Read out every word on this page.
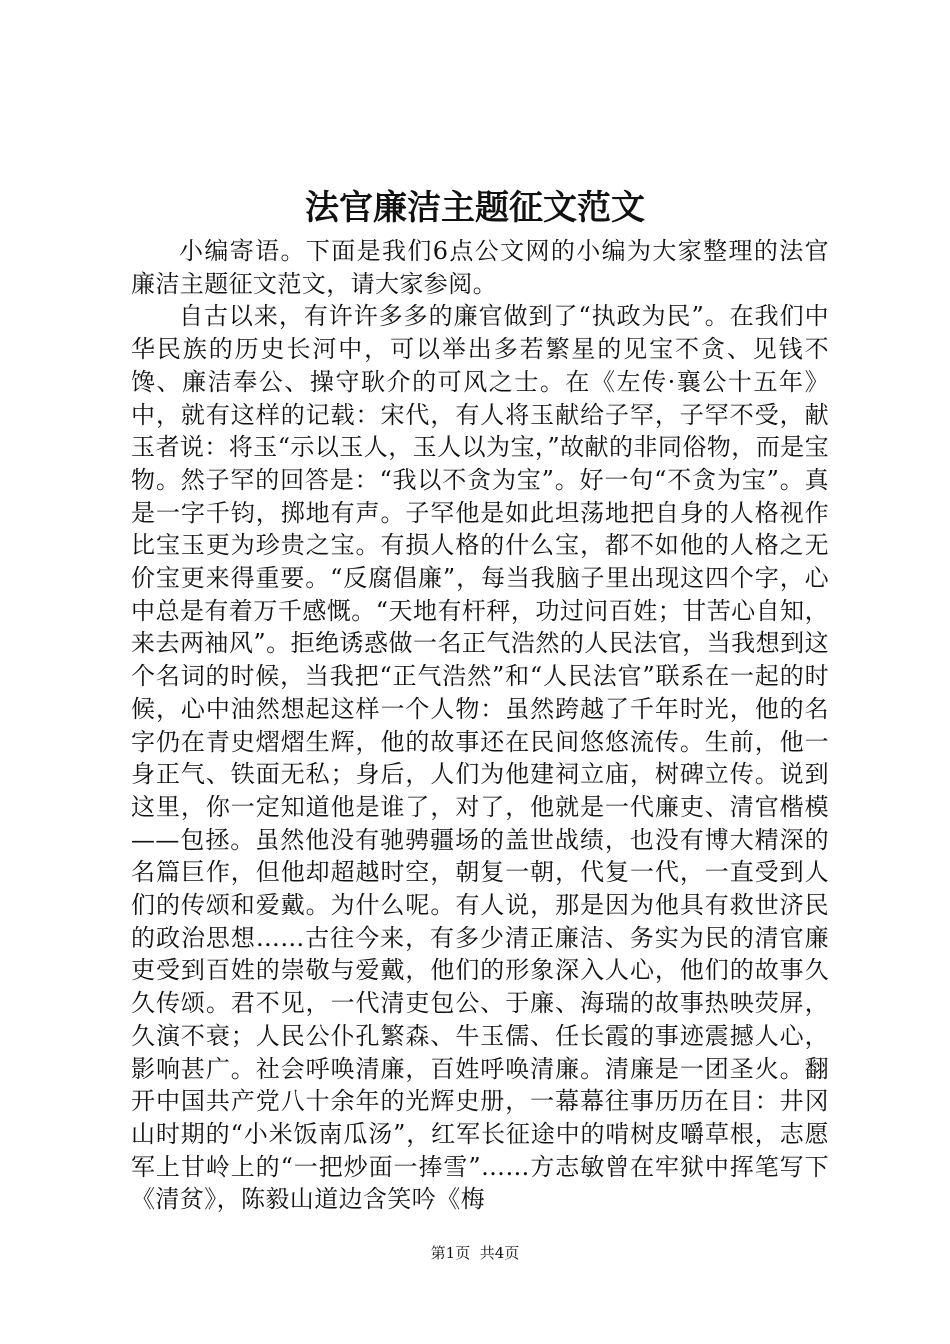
法官廉洁主题征文范文

小编寄语。下面是我们6点公文网的小编为大家整理的法官廉洁主题征文范文，请大家参阅。

自古以来，有许许多多的廉官做到了“执政为民”。在我们中华民族的历史长河中，可以举出多若繁星的见宝不贪、见钱不馋、廉洁奉公、操守耿介的可风之士。在《左传·襄公十五年》中，就有这样的记载：宋代，有人将玉献给子罕，子罕不受，献玉者说：将玉“示以玉人，玉人以为宝，”故献的非同俗物，而是宝物。然子罕的回答是：“我以不贪为宝”。好一句“不贪为宝”。真是一字千钧，掷地有声。子罕他是如此坦荡地把自身的人格视作比宝玉更为珍贵之宝。有损人格的什么宝，都不如他的人格之无价宝更来得重要。“反腐倡廉”，每当我脑子里出现这四个字，心中总是有着万千感慨。“天地有杆秤，功过问百姓；甘苦心自知，来去两袖风”。拒绝诱惑做一名正气浩然的人民法官，当我想到这个名词的时候，当我把“正气浩然”和“人民法官”联系在一起的时候，心中油然想起这样一个人物：虽然跨越了千年时光，他的名字仍在青史熠熠生辉，他的故事还在民间悠悠流传。生前，他一身正气、铁面无私；身后，人们为他建祠立庙，树碑立传。说到这里，你一定知道他是谁了，对了，他就是一代廉吏、清官楷模——包拯。虽然他没有驰骋疆场的盖世战绩，也没有博大精深的名篇巨作，但他却超越时空，朝复一朝，代复一代，一直受到人们的传颂和爱戴。为什么呢。有人说，那是因为他具有救世济民的政治思想……古往今来，有多少清正廉洁、务实为民的清官廉吏受到百姓的崇敬与爱戴，他们的形象深入人心，他们的故事久久传颂。君不见，一代清吏包公、于廉、海瑞的故事热映荧屏，久演不衰；人民公仆孔繁森、牛玉儒、任长霞的事迹震撼人心，影响甚广。社会呼唤清廉，百姓呼唤清廉。清廉是一团圣火。翻开中国共产党八十余年的光辉史册，一幕幕往事历历在目：井冈山时期的“小米饭南瓜汤”，红军长征途中的啃树皮嚼草根，志愿军上甘岭上的“一把炒面一捧雪”……方志敏曾在牢狱中挥笔写下《清贫》，陈毅山道边含笑吟《梅

第1页 共4页
